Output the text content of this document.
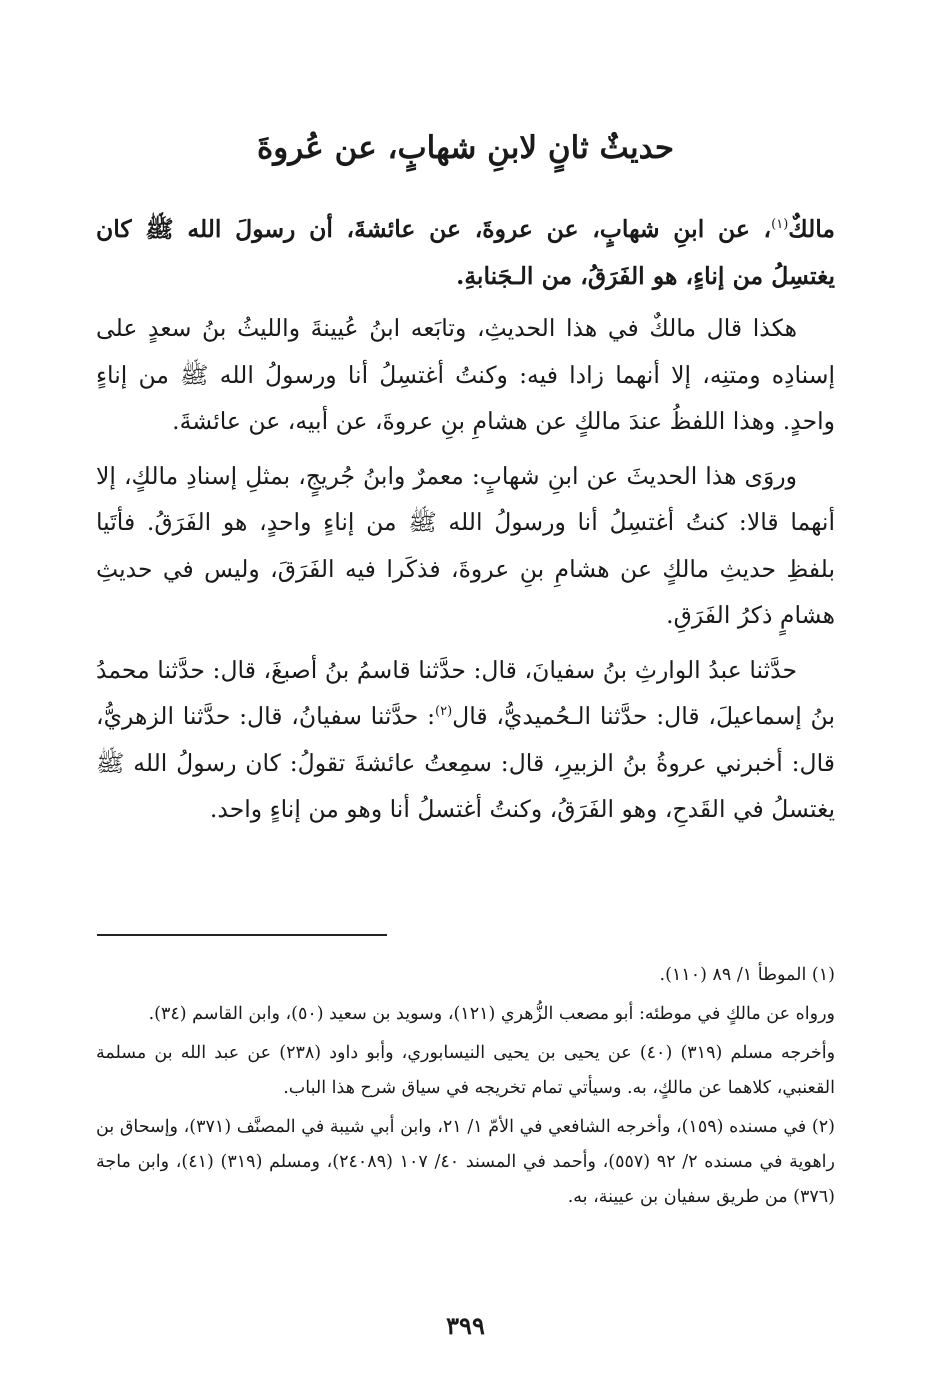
حديثٌ ثانٍ لابنِ شهابٍ، عن عُروةَ

مالكٌ$^{(١)}$، عن ابنِ شهابٍ، عن عروةَ، عن عائشةَ، أن رسولَ الله ﷺ كان يغتسِلُ من إناءٍ، هو الفَرَقُ، من الـجَنابةِ.

هكذا قال مالكٌ في هذا الحديثِ، وتابَعه ابنُ عُيينةَ والليثُ بنُ سعدٍ على إسنادِه ومتنِه، إلا أنهما زادا فيه: وكنتُ أغتسِلُ أنا ورسولُ الله ﷺ من إناءٍ واحدٍ. وهذا اللفظُ عندَ مالكٍ عن هشامِ بنِ عروةَ، عن أبيه، عن عائشةَ.

وروَى هذا الحديثَ عن ابنِ شهابٍ: معمرٌ وابنُ جُريجٍ، بمثلِ إسنادِ مالكٍ، إلا أنهما قالا: كنتُ أغتسِلُ أنا ورسولُ الله ﷺ من إناءٍ واحدٍ، هو الفَرَقُ. فأتَيا بلفظِ حديثِ مالكٍ عن هشامِ بنِ عروةَ، فذكَرا فيه الفَرَقَ، وليس في حديثِ هشامٍ ذكرُ الفَرَقِ.

حدَّثنا عبدُ الوارثِ بنُ سفيانَ، قال: حدَّثنا قاسمُ بنُ أصبغَ، قال: حدَّثنا محمدُ بنُ إسماعيلَ، قال: حدَّثنا الـحُميديُّ، قال$^{(٢)}$: حدَّثنا سفيانُ، قال: حدَّثنا الزهريُّ، قال: أخبرني عروةُ بنُ الزبيرِ، قال: سمِعتُ عائشةَ تقولُ: كان رسولُ الله ﷺ يغتسلُ في القَدحِ، وهو الفَرَقُ، وكنتُ أغتسلُ أنا وهو من إناءٍ واحد.

(١) الموطأ ١/ ٨٩ (١١٠).

ورواه عن مالكٍ في موطئه: أبو مصعب الزُّهري (١٢١)، وسويد بن سعيد (٥٠)، وابن القاسم (٣٤).

وأخرجه مسلم (٣١٩) (٤٠) عن يحيى بن يحيى النيسابوري، وأبو داود (٢٣٨) عن عبد الله بن مسلمة القعنبي، كلاهما عن مالكٍ، به. وسيأتي تمام تخريجه في سياق شرح هذا الباب.

(٢) في مسنده (١٥٩)، وأخرجه الشافعي في الأمّ ١/ ٢١، وابن أبي شيبة في المصنَّف (٣٧١)، وإسحاق بن راهوية في مسنده ٢/ ٩٢ (٥٥٧)، وأحمد في المسند ٤٠/ ١٠٧ (٢٤٠٨٩)، ومسلم (٣١٩) (٤١)، وابن ماجة (٣٧٦) من طريق سفيان بن عيينة، به.

٣٩٩
